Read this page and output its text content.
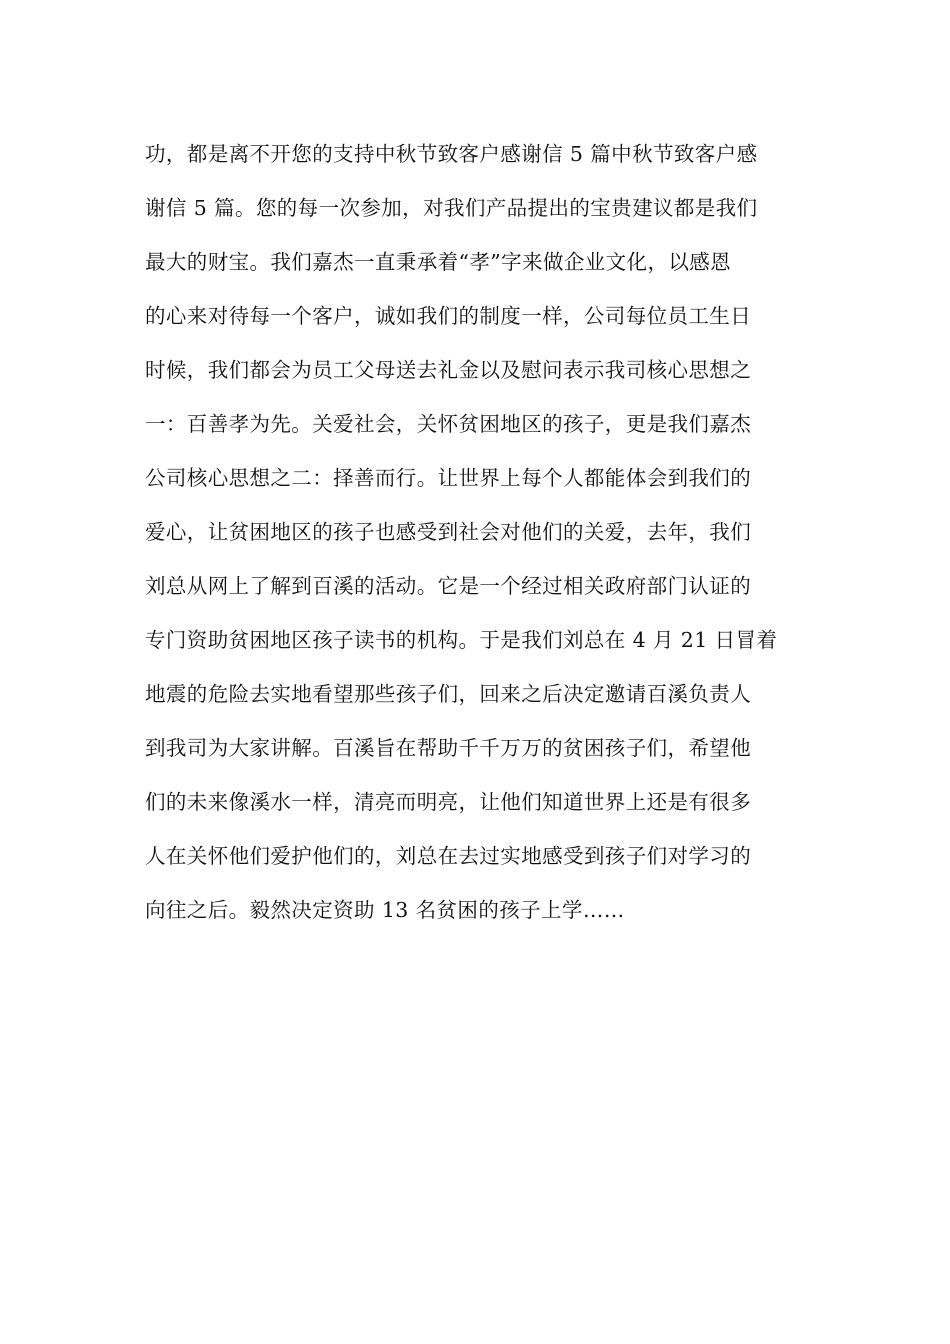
功，都是离不开您的支持中秋节致客户感谢信 5 篇中秋节致客户感
谢信 5 篇。您的每一次参加，对我们产品提出的宝贵建议都是我们
最大的财宝。我们嘉杰一直秉承着“孝”字来做企业文化，以感恩
的心来对待每一个客户，诚如我们的制度一样，公司每位员工生日
时候，我们都会为员工父母送去礼金以及慰问表示我司核心思想之
一：百善孝为先。关爱社会，关怀贫困地区的孩子，更是我们嘉杰
公司核心思想之二：择善而行。让世界上每个人都能体会到我们的
爱心，让贫困地区的孩子也感受到社会对他们的关爱，去年，我们
刘总从网上了解到百溪的活动。它是一个经过相关政府部门认证的
专门资助贫困地区孩子读书的机构。于是我们刘总在 4 月 21 日冒着
地震的危险去实地看望那些孩子们，回来之后决定邀请百溪负责人
到我司为大家讲解。百溪旨在帮助千千万万的贫困孩子们，希望他
们的未来像溪水一样，清亮而明亮，让他们知道世界上还是有很多
人在关怀他们爱护他们的，刘总在去过实地感受到孩子们对学习的
向往之后。毅然决定资助 13 名贫困的孩子上学……
